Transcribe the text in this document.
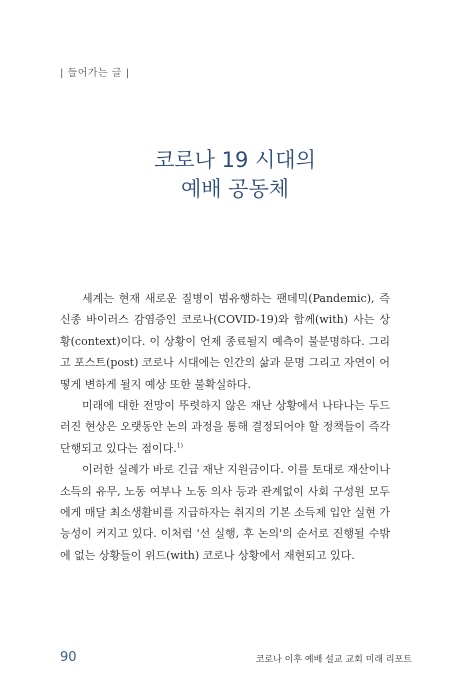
| 들어가는 글 |
코로나 19 시대의
예배 공동체

세계는 현재 새로운 질병이 범유행하는 팬데믹(Pandemic), 즉 신종 바이러스 감염증인 코로나(COVID-19)와 함께(with) 사는 상황(context)이다. 이 상황이 언제 종료될지 예측이 불분명하다. 그리고 포스트(post) 코로나 시대에는 인간의 삶과 문명 그리고 자연이 어떻게 변하게 될지 예상 또한 불확실하다.

미래에 대한 전망이 뚜렷하지 않은 재난 상황에서 나타나는 두드러진 현상은 오랫동안 논의 과정을 통해 결정되어야 할 정책들이 즉각 단행되고 있다는 점이다.$^{1)}$

이러한 실례가 바로 긴급 재난 지원금이다. 이를 토대로 재산이나 소득의 유무, 노동 여부나 노동 의사 등과 관계없이 사회 구성원 모두에게 매달 최소생활비를 지급하자는 취지의 기본 소득제 입안 실현 가능성이 커지고 있다. 이처럼 '선 실행, 후 논의'의 순서로 진행될 수밖에 없는 상황들이 위드(with) 코로나 상황에서 재현되고 있다.

90	코로나 이후 예배 설교 교회 미래 리포트
